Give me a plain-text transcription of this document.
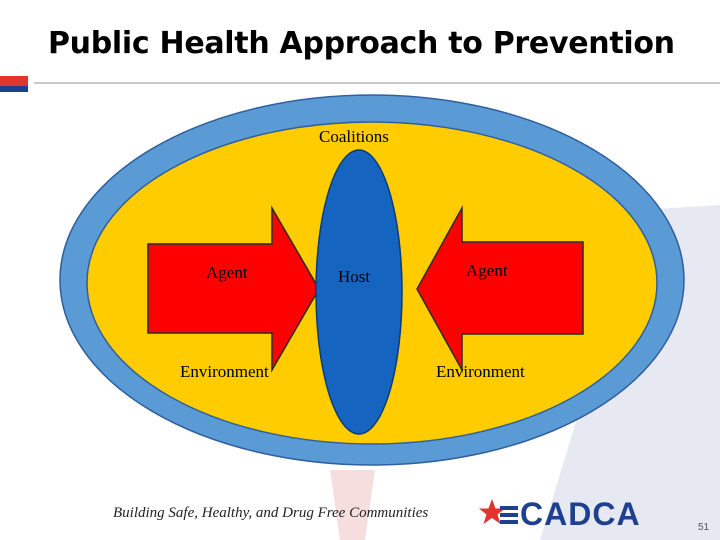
Public Health Approach to Prevention
Coalitions
Agent	Host	Agent
Environment	Environment
Building Safe, Healthy, and Drug Free Communities	CADCA	51
